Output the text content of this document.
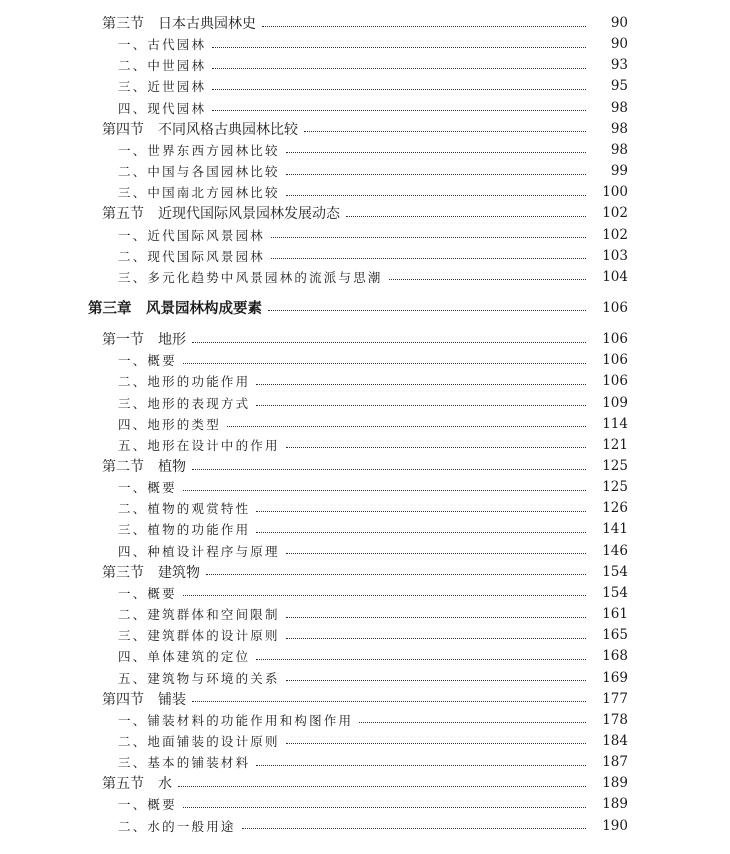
第三节　日本古典园林史	90
一、古代园林	90
二、中世园林	93
三、近世园林	95
四、现代园林	98
第四节　不同风格古典园林比较	98
一、世界东西方园林比较	98
二、中国与各国园林比较	99
三、中国南北方园林比较	100
第五节　近现代国际风景园林发展动态	102
一、近代国际风景园林	102
二、现代国际风景园林	103
三、多元化趋势中风景园林的流派与思潮	104
第三章　风景园林构成要素	106
第一节　地形	106
一、概要	106
二、地形的功能作用	106
三、地形的表现方式	109
四、地形的类型	114
五、地形在设计中的作用	121
第二节　植物	125
一、概要	125
二、植物的观赏特性	126
三、植物的功能作用	141
四、种植设计程序与原理	146
第三节　建筑物	154
一、概要	154
二、建筑群体和空间限制	161
三、建筑群体的设计原则	165
四、单体建筑的定位	168
五、建筑物与环境的关系	169
第四节　铺装	177
一、铺装材料的功能作用和构图作用	178
二、地面铺装的设计原则	184
三、基本的铺装材料	187
第五节　水	189
一、概要	189
二、水的一般用途	190
